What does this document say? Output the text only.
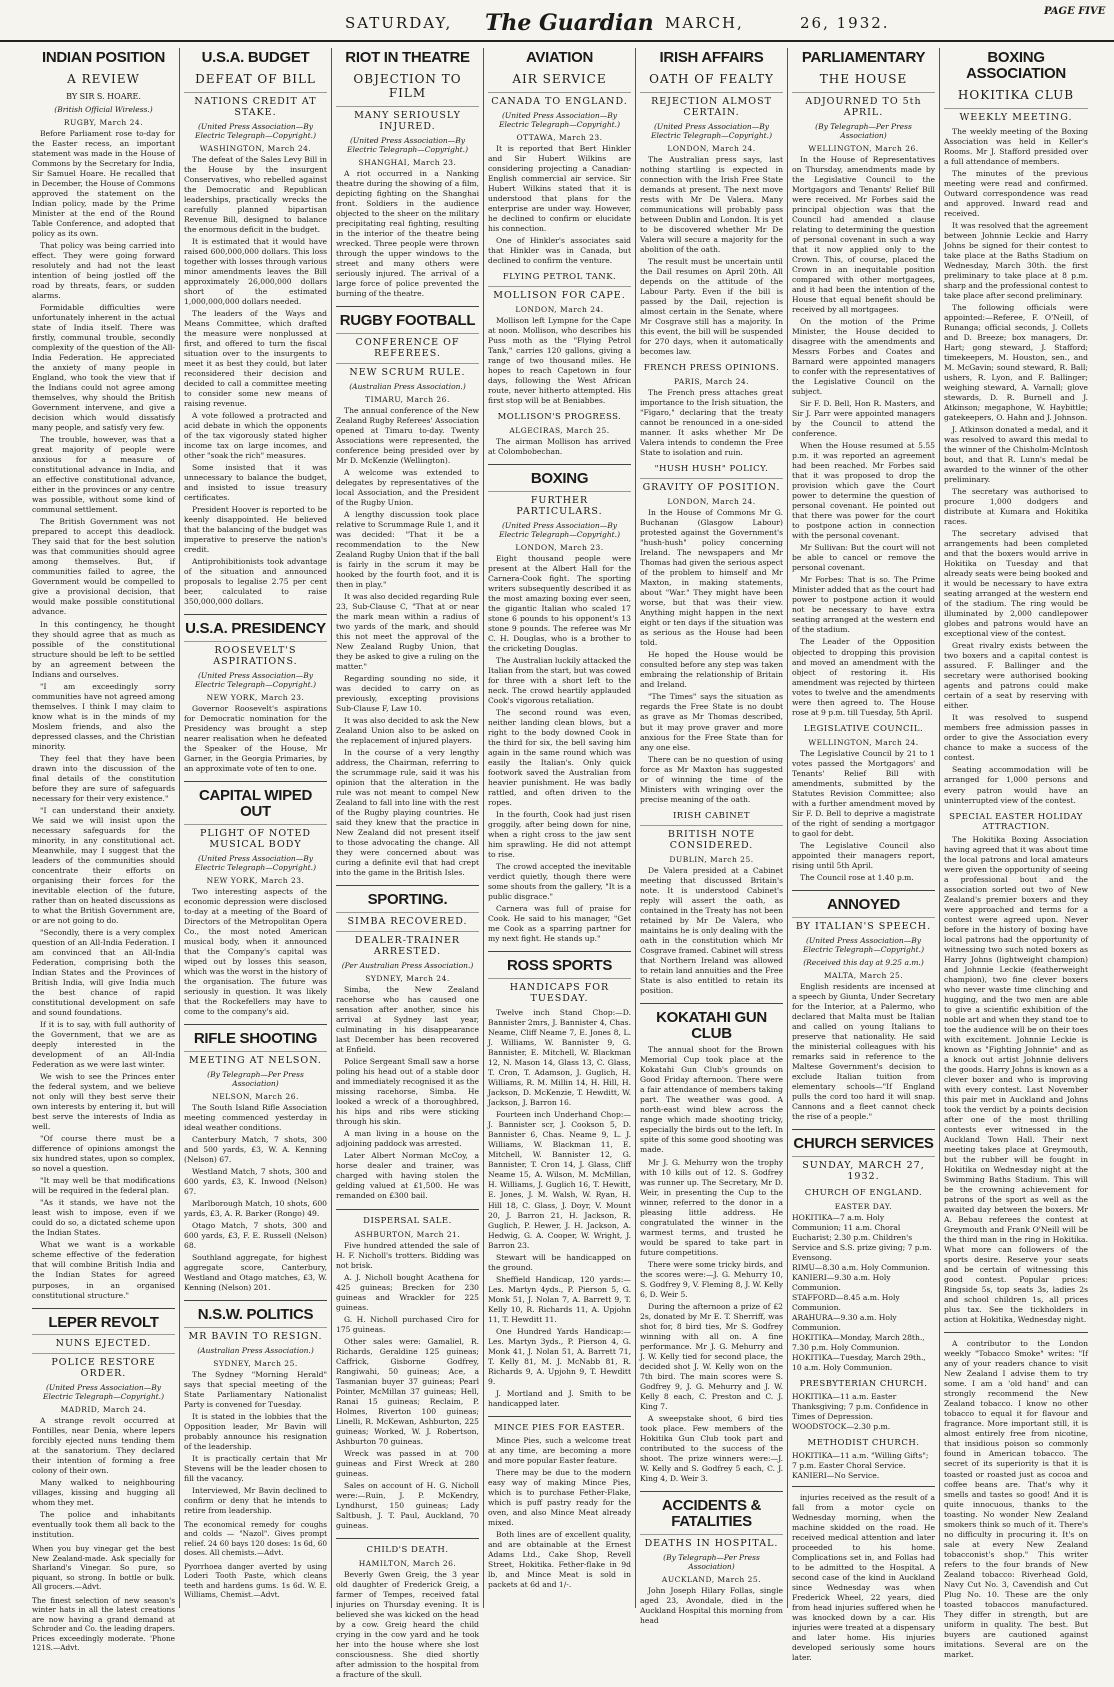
SATURDAY, The Guardian MARCH,	26, 1932.
PAGE FIVE
INDIAN POSITION
A REVIEW
BY SIR S. HOARE.
(British Official Wireless.)
RUGBY, March 24.

Before Parliament rose to-day for the Easter recess, an important statement was made in the House of Commons by the Secretary for India, Sir Samuel Hoare. He recalled that in December, the House of Commons approved the statement on the Indian policy, made by the Prime Minister at the end of the Round Table Conference, and adopted that policy as its own.

That policy was being carried into effect. They were going forward resolutely and had not the least intention of being jostled off the road by threats, fears, or sudden alarms.

Formidable difficulties were unfortunately inherent in the actual state of India itself. There was firstly, communal trouble, secondly complexity of the question of the All-India Federation. He appreciated the anxiety of many people in England, who took the view that if the Indians could not agree among themselves, why should the British Government intervene, and give a decision which would dissatisfy many people, and satisfy very few.

The trouble, however, was that a great majority of people were anxious for a measure of constitutional advance in India, and an effective constitutional advance, either in the provinces or any centre was possible, without some kind of communal settlement.

The British Government was not prepared to accept this deadlock. They said that for the best solution was that communities should agree among themselves. But, if communities failed to agree, the Government would be compelled to give a provisional decision, that would make possible constitutional advance.

In this contingency, he thought they should agree that as much as possible of the constitutional structure should be left to be settled by an agreement between the Indians and ourselves.

"I am exceedingly sorry communities have not agreed among themselves. I think I may claim to know what is in the minds of my Moslem friends, and also the depressed classes, and the Christian minority.

They feel that they have been drawn into the discussion of the final details of the constitution before they are sure of safeguards necessary for their very existence."

"I can understand their anxiety. We said we will insist upon the necessary safeguards for the minority, in any constitutional act. Meanwhile, may I suggest that the leaders of the communities should concentrate their efforts on organising their forces for the inevitable election of the future, rather than on heated discussions as to what the British Government are, or are not going to do.

"Secondly, there is a very complex question of an All-India Federation. I am convinced that an All-India Federation, comprising both the Indian States and the Provinces of British India, will give India much the best chance of rapid constitutional development on safe and sound foundations.

If it is to say, with full authority of the Government, that we are as deeply interested in the development of an All-India Federation as we were last winter.

We wish to see the Princes enter the federal system, and we believe not only will they best serve their own interests by entering it, but will best serve the interests of India as well.

"Of course there must be a difference of opinions amongst the six hundred states, upon so complex, so novel a question.

"It may well be that modifications will be required in the federal plan.

"As it stands, we have not the least wish to impose, even if we could do so, a dictated scheme upon the Indian States.

What we want is a workable scheme effective of the federation that will combine British India and the Indian States for agreed purposes, in an organised constitutional structure."

LEPER REVOLT
NUNS EJECTED.
POLICE RESTORE ORDER.
(United Press Association—By Electric Telegraph—Copyright.)
MADRID, March 24.

A strange revolt occurred at Fontilles, near Denia, where lepers forcibly ejected nuns tending them at the sanatorium. They declared their intention of forming a free colony of their own.

Many walked to neighbouring villages, kissing and hugging all whom they met.

The police and inhabitants eventually took them all back to the institution.

When you buy vinegar get the best New Zealand-made. Ask specially for Sharland's Vinegar. So pure, so piquant, so strong. In bottle or bulk. All grocers.—Advt.
The finest selection of new season's winter hats in all the latest creations are now having a grand demand at Schroder and Co. the leading drapers. Prices exceedingly moderate. 'Phone 121S.—Advt.
U.S.A. BUDGET
DEFEAT OF BILL
NATIONS CREDIT AT STAKE.
(United Press Association—By Electric Telegraph—Copyright.)
WASHINGTON, March 24.

The defeat of the Sales Levy Bill in the House by the insurgent Conservatives, who rebelled against the Democratic and Republican leaderships, practically wrecks the carefully planned bipartisan Revenue Bill, designed to balance the enormous deficit in the budget.

It is estimated that it would have raised 600,000,000 dollars. This loss together with losses through various minor amendments leaves the Bill approximately 26,000,000 dollars short of the estimated 1,000,000,000 dollars needed.

The leaders of the Ways and Means Committee, which drafted the measure were nonplussed at first, and offered to turn the fiscal situation over to the insurgents to meet it as best they could, but later reconsidered their decision and decided to call a committee meeting to consider some new means of raising revenue.

A vote followed a protracted and acid debate in which the opponents of the tax vigorously stated higher income tax on large incomes, and other "soak the rich" measures.

Some insisted that it was unnecessary to balance the budget, and insisted to issue treasury certificates.

President Hoover is reported to be keenly disappointed. He believed that the balancing of the budget was imperative to preserve the nation's credit.

Antiprohibitionists took advantage of the situation and announced proposals to legalise 2.75 per cent beer, calculated to raise 350,000,000 dollars.

U.S.A. PRESIDENCY
ROOSEVELT'S ASPIRATIONS.
(United Press Association—By Electric Telegraph—Copyright.)
NEW YORK, March 23.

Governor Roosevelt's aspirations for Democratic nomination for the Presidency was brought a step nearer realisation when he defeated the Speaker of the House, Mr Garner, in the Georgia Primaries, by an approximate vote of ten to one.

CAPITAL WIPED OUT
PLIGHT OF NOTED MUSICAL BODY
(United Press Association—By Electric Telegraph—Copyright.)
NEW YORK, March 23.

Two interesting aspects of the economic depression were disclosed to-day at a meeting of the Board of Directors of the Metropolitan Opera Co., the most noted American musical body, when it announced that the Company's capital was wiped out by losses this season, which was the worst in the history of the organisation. The future was seriously in question. It was likely that the Rockefellers may have to come to the company's aid.

RIFLE SHOOTING
MEETING AT NELSON.
(By Telegraph—Per Press Association)
NELSON, March 26.

The South Island Rifle Association meeting commenced yesterday in ideal weather conditions.

Canterbury Match, 7 shots, 300 and 500 yards, £3, W. A. Kenning (Nelson) 67.

Westland Match, 7 shots, 300 and 600 yards, £3, K. Inwood (Nelson) 67.

Marlborough Match, 10 shots, 600 yards, £3, A. R. Barker (Rongo) 49.

Otago Match, 7 shots, 300 and 600 yards, £3, F. E. Russell (Nelson) 68.

Southland aggregate, for highest aggregate score, Canterbury, Westland and Otago matches, £3, W. Kenning (Nelson) 201.

N.S.W. POLITICS
MR BAVIN TO RESIGN.
(Australian Press Association.)
SYDNEY, March 25.

The Sydney "Morning Herald" says that special meeting of the State Parliamentary Nationalist Party is convened for Tuesday.

It is stated in the lobbies that the Opposition leader, Mr Bavin will probably announce his resignation of the leadership.

It is practically certain that Mr Stevens will be the leader chosen to fill the vacancy.

Interviewed, Mr Bavin declined to confirm or deny that he intends to retire from leadership.

The economical remedy for coughs and colds — "Nazol". Gives prompt relief. 24 60 bays 120 doses: 1s 6d, 60 doses. All chemists.—Advt.
Pyorrhoea danger averted by using Loderi Tooth Paste, which cleans teeth and hardens gums. 1s 6d. W. E. Williams, Chemist.—Advt.
RIOT IN THEATRE
OBJECTION TO FILM
MANY SERIOUSLY INJURED.
(United Press Association—By Electric Telegraph—Copyright.)
SHANGHAI, March 23.

A riot occurred in a Nanking theatre during the showing of a film, depicting fighting on the Shanghai front. Soldiers in the audience objected to the sheer on the military precipitating real fighting, resulting in the interior of the theatre being wrecked. Three people were thrown through the upper windows to the street and many others were seriously injured. The arrival of a large force of police prevented the burning of the theatre.

RUGBY FOOTBALL
CONFERENCE OF REFEREES.
NEW SCRUM RULE.
(Australian Press Association.)
TIMARU, March 26.

The annual conference of the New Zealand Rugby Referees' Association opened at Timaru to-day. Twenty Associations were represented, the conference being presided over by Mr D. McKenzie (Wellington).

A welcome was extended to delegates by representatives of the local Association, and the President of the Rugby Union.

A lengthy discussion took place relative to Scrummage Rule 1, and it was decided: "That it be a recommendation to the New Zealand Rugby Union that if the ball is fairly in the scrum it may be hooked by the fourth foot, and it is then in play."

It was also decided regarding Rule 23, Sub-Clause C, "That at or near the mark mean within a radius of two yards of the mark, and should this not meet the approval of the New Zealand Rugby Union, that they be asked to give a ruling on the matter."

Regarding sounding no side, it was decided to carry on as previously, excepting provisions Sub-Clause F, Law 10.

It was also decided to ask the New Zealand Union also to be asked on the replacement of injured players.

In the course of a very lengthy address, the Chairman, referring to the scrummage rule, said it was his opinion that the alteration in the rule was not meant to compel New Zealand to fall into line with the rest of the Rugby playing countries. He said they knew that the practice in New Zealand did not present itself to those advocating the change. All they were concerned about was curing a definite evil that had crept into the game in the British Isles.

SPORTING.
SIMBA RECOVERED.
DEALER-TRAINER ARRESTED.
(Per Australian Press Association.)
SYDNEY, March 24.

Simba, the New Zealand racehorse who has caused one sensation after another, since his arrival at Sydney last year, culminating in his disappearance last December has been recovered at Enfield.

Police Sergeant Small saw a horse poling his head out of a stable door and immediately recognised it as the missing racehorse, Simba. He looked a wreck of a thoroughbred, his hips and ribs were sticking through his skin.

A man living in a house on the adjoining paddock was arrested.

Later Albert Norman McCoy, a horse dealer and trainer, was charged with having stolen the gelding valued at £1,500. He was remanded on £300 bail.

DISPERSAL SALE.
ASHBURTON, March 21.

Five hundred attended the sale of H. F. Nicholl's trotters. Bidding was not brisk.

A. J. Nicholl bought Acathena for 425 guineas; Brecken for 230 guineas and Wrackler for 225 guineas.

G. H. Nicholl purchased Ciro for 175 guineas.

Other sales were: Gamaliel, R. Richards, Geraldine 125 guineas; Caffrick, Gisborne Godfrey, Rangiwahi, 50 guineas; Ace, a Tasmanian buyer 37 guineas; Pearl Pointer, McMillan 37 guineas; Hell, Ranai 15 guineas; Reclaim, P. Holmes, Riverton 100 guineas; Linelli, R. McKewan, Ashburton, 225 guineas; Worked, W. J. Robertson, Ashburton 70 guineas.

Wreck was passed in at 700 guineas and First Wreck at 280 guineas.

Sales on account of H. G. Nicholl were:—Ruin, J. P. McKendry, Lyndhurst, 150 guineas; Lady Saltbush, J. T. Paul, Auckland, 70 guineas.

CHILD'S DEATH.
HAMILTON, March 26.

Beverly Gwen Greig, the 3 year old daughter of Frederick Greig, a farmer of Tempes, received fatal injuries on Thursday evening. It is believed she was kicked on the head by a cow. Greig heard the child crying in the cow yard and he took her into the house where she lost consciousness. She died shortly after admission to the hospital from a fracture of the skull.

AVIATION
AIR SERVICE
CANADA TO ENGLAND.
(United Press Association—By Electric Telegraph—Copyright.)
OTTAWA, March 23.

It is reported that Bert Hinkler and Sir Hubert Wilkins are considering projecting a Canadian-English commercial air service. Sir Hubert Wilkins stated that it is understood that plans for the enterprise are under way. However, he declined to confirm or elucidate his connection.

One of Hinkler's associates said that Hinkler was in Canada, but declined to confirm the venture.

FLYING PETROL TANK.
MOLLISON FOR CAPE.
LONDON, March 24.

Mollison left Lympne for the Cape at noon. Mollison, who describes his Puss moth as the "Flying Petrol Tank," carries 120 gallons, giving a range of two thousand miles. He hopes to reach Capetown in four days, following the West African route, never hitherto attempted. His first stop will be at Beniabbes.

MOLLISON'S PROGRESS.
ALGECIRAS, March 25.

The airman Mollison has arrived at Colombobechan.

BOXING
FURTHER PARTICULARS.
(United Press Association—By Electric Telegraph—Copyright.)
LONDON, March 23.

Eight thousand people were present at the Albert Hall for the Carnera-Cook fight. The sporting writers subsequently described it as the most amazing boxing ever seen, the gigantic Italian who scaled 17 stone 6 pounds to his opponent's 13 stone 9 pounds. The referee was Mr C. H. Douglas, who is a brother to the cricketing Douglas.

The Australian luckily attacked the Italian from the start, but was cowed for three with a short left to the neck. The crowd heartily applauded Cook's vigorous retaliation.

The second round was even, neither landing clean blows, but a right to the body downed Cook in the third for six, the bell saving him again in the same round which was easily the Italian's. Only quick footwork saved the Australian from heavier punishment. He was badly rattled, and often driven to the ropes.

In the fourth, Cook had just risen groggily, after being down for nine, when a right cross to the jaw sent him sprawling. He did not attempt to rise.

The crowd accepted the inevitable verdict quietly, though there were some shouts from the gallery, "It is a public disgrace."

Carnera was full of praise for Cook. He said to his manager, "Get me Cook as a sparring partner for my next fight. He stands up."

ROSS SPORTS
HANDICAPS FOR TUESDAY.

Twelve inch Stand Chop:—D. Bannister 2mrs, J. Bannister 4, Chas. Neame, Cliff Neame 7, E. Jones 8, L. J. Williams, W. Bannister 9, G. Bannister, E. Mitchell, W. Blackman 12, N. Mason 14, Glass 13, C. Glass, T. Cron, T. Adamson, J. Guglich, H. Williams, R. M. Millin 14, H. Hill, H. Jackson, D. McKenzie, T. Hewditt, W. Jackson, J. Barron 16.

Fourteen inch Underhand Chop:—J. Bannister scr, J. Cookson 5, D. Bannister 6, Chas. Neame 9, L. J. Williams, W. Blackman 11, E. Mitchell, W. Bannister 12, G. Bannister, T. Cron 14, J. Glass, Cliff Neame 15, A. Wilson, M. McMillan, H. Williams, J. Guglich 16, T. Hewitt, E. Jones, J. M. Walsh, W. Ryan, H. Hill 18, C. Glass, J. Doyr, V. Mount 20, J. Barron 21, H. Jackson, R. Guglich, P. Hewer, J. H. Jackson, A. Hedwig, G. A. Cooper, W. Wright, J. Barron 23.

Stewart will be handicapped on the ground.

Sheffield Handicap, 120 yards:—Les. Martyn 4yds., P. Pierson 5, G. Monk 51, J. Nolan 7, A. Barrett 9, T. Kelly 10, R. Richards 11, A. Upjohn 11, T. Hewditt 11.

One Hundred Yards Handicap:—Les. Martyn 3yds., P. Pierson 4, G. Monk 41, J. Nolan 51, A. Barrett 71, T. Kelly 81, M. J. McNabb 81, R. Richards 9, A. Upjohn 9, T. Hewditt 9.

J. Mortland and J. Smith to be handicapped later.

MINCE PIES FOR EASTER.

Mince Pies, such a welcome treat at any time, are becoming a more and more popular Easter feature.

There may be due to the modern easy way of making Mince Pies, which is to purchase Fether-Flake, which is puff pastry ready for the oven, and also Mince Meat already mixed.

Both lines are of excellent quality, and are obtainable at the Ernest Adams Ltd., Cake Shop, Revell Street, Hokitika. Fether-flake in 9d lb, and Mince Meat is sold in packets at 6d and 1/-.

IRISH AFFAIRS
OATH OF FEALTY
REJECTION ALMOST CERTAIN.
(United Press Association—By Electric Telegraph—Copyright.)
LONDON, March 24.

The Australian press says, last nothing startling is expected in connection with the Irish Free State demands at present. The next move rests with Mr De Valera. Many communications will probably pass between Dublin and London. It is yet to be discovered whether Mr De Valera will secure a majority for the abolition of the oath.

The result must be uncertain until the Dail resumes on April 20th. All depends on the attitude of the Labour Party. Even if the bill is passed by the Dail, rejection is almost certain in the Senate, where Mr Cosgrave still has a majority. In this event, the bill will be suspended for 270 days, when it automatically becomes law.

FRENCH PRESS OPINIONS.
PARIS, March 24.

The French press attaches great importance to the Irish situation, the "Figaro," declaring that the treaty cannot be renounced in a one-sided manner. It asks whether Mr De Valera intends to condemn the Free State to isolation and ruin.

"HUSH HUSH" POLICY.
GRAVITY OF POSITION.
LONDON, March 24.

In the House of Commons Mr G. Buchanan (Glasgow Labour) protested against the Government's "hush-hush" policy concerning Ireland. The newspapers and Mr Thomas had given the serious aspect of the problem to himself and Mr Maxton, in making statements, about "War." They might have been worse, but that was their view. Anything might happen in the next eight or ten days if the situation was as serious as the House had been told.

He hoped the House would be consulted before any step was taken embraing the relationship of Britain and Ireland.

"The Times" says the situation as regards the Free State is no doubt as grave as Mr Thomas described, but it may prove graver and more anxious for the Free State than for any one else.

There can be no question of using force as Mr Maxton has suggested or of winning the time of the Ministers with wringing over the precise meaning of the oath.

IRISH CABINET
BRITISH NOTE CONSIDERED.
DUBLIN, March 25.

De Valera presided at a Cabinet meeting that discussed Britain's note. It is understood Cabinet's reply will assert the oath, as contained in the Treaty has not been retained by Mr De Valera, who maintains he is only dealing with the oath in the constitution which Mr Cosgrave framed. Cabinet will stress that Northern Ireland was allowed to retain land annuities and the Free State is also entitled to retain its position.

KOKATAHI GUN CLUB

The annual shoot for the Brown Memorial Cup took place at the Kokatahi Gun Club's grounds on Good Friday afternoon. There were a fair attendance of members taking part. The weather was good. A north-east wind blew across the range which made shooting tricky, especially the birds out to the left. In spite of this some good shooting was made.

Mr J. G. Mehurry won the trophy with 10 kills out of 12. S. Godfrey was runner up. The Secretary, Mr D. Weir, in presenting the Cup to the winner, referred to the donor in a pleasing little address. He congratulated the winner in the warmest terms, and trusted he would be spared to take part in future competitions.

There were some tricky birds, and the scores were:—J. G. Mehurry 10, S. Godfrey 9, V. Fleming 8, J. W. Kelly 6, D. Weir 5.

During the afternoon a prize of £2 2s, donated by Mr E. T. Sherriff, was shot for, 8 bird ties, Mr S. Godfrey winning with all on. A fine performance. Mr J. G. Mehurry and J. W. Kelly tied for second place, the decided shot J. W. Kelly won on the 7th bird. The main scores were S. Godfrey 9, J. G. Mehurry and J. W. Kelly 8 each, C. Preston and C. J. King 7.

A sweepstake shoot, 6 bird ties took place. Few members of the Hokitika Gun Club took part and contributed to the success of the shoot. The prize winners were:—J. W. Kelly and S. Godfrey 5 each, C. J. King 4, D. Weir 3.

ACCIDENTS & FATALITIES
DEATHS IN HOSPITAL.
(By Telegraph—Per Press Association)
AUCKLAND, March 25.

John Joseph Hilary Follas, single aged 23, Avondale, died in the Auckland Hospital this morning from head

PARLIAMENTARY
THE HOUSE
ADJOURNED TO 5th APRIL.
(By Telegraph—Per Press Association)
WELLINGTON, March 26.

In the House of Representatives on Thursday, amendments made by the Legislative Council to the Mortgagors and Tenants' Relief Bill were received. Mr Forbes said the principal objection was that the Council had amended a clause relating to determining the question of personal covenant in such a way that it now applied only to the Crown. This, of course, placed the Crown in an inequitable position compared with other mortgagees, and it had been the intention of the House that equal benefit should be received by all mortgagees.

On the motion of the Prime Minister, the House decided to disagree with the amendments and Messrs Forbes and Coates and Barnard were appointed managers to confer with the representatives of the Legislative Council on the subject.

Sir F. D. Bell, Hon R. Masters, and Sir J. Parr were appointed managers by the Council to attend the conference.

When the House resumed at 5.55 p.m. it was reported an agreement had been reached. Mr Forbes said that it was proposed to drop the provision which gave the Court power to determine the question of personal covenant. He pointed out that there was power for the court to postpone action in connection with the personal covenant.

Mr Sullivan: But the court will not be able to cancel or remove the personal covenant.

Mr Forbes: That is so. The Prime Minister added that as the court had power to postpone action it would not be necessary to have extra seating arranged at the western end of the stadium.

The Leader of the Opposition objected to dropping this provision and moved an amendment with the object of restoring it. His amendment was rejected by thirteen votes to twelve and the amendments were then agreed to. The House rose at 9 p.m. till Tuesday, 5th April.

LEGISLATIVE COUNCIL.
WELLINGTON, March 24.

The Legislative Council by 21 to 1 votes passed the Mortgagors' and Tenants' Relief Bill with amendments, submitted by the Statutes Revision Committee; also with a further amendment moved by Sir F. D. Bell to deprive a magistrate of the right of sending a mortgagor to gaol for debt.

The Legislative Council also appointed their managers report, rising until 5th April.

The Council rose at 1.40 p.m.

ANNOYED
BY ITALIAN'S SPEECH.
(United Press Association—By Electric Telegraph—Copyright.)
(Received this day at 9.25 a.m.)
MALTA, March 25.

English residents are incensed at a speech by Giunta, Under Secretary for the Interior, at a Palermo, who declared that Malta must be Italian and called on young Italians to preserve that nationality. He said the ministerial colleagues with his remarks said in reference to the Maltese Government's decision to exclude Italian tuition from elementary schools—"If England pulls the cord too hard it will snap. Cannons and a fleet cannot check the rise of a people."

CHURCH SERVICES
SUNDAY, MARCH 27, 1932.
CHURCH OF ENGLAND.
EASTER DAY.

HOKITIKA—7 a.m. Holy Communion; 11 a.m. Choral Eucharist; 2.30 p.m. Children's Service and S.S. prize giving; 7 p.m. Evensong.

RIMU—8.30 a.m. Holy Communion.

KANIERI—9.30 a.m. Holy Communion.

STAFFORD—8.45 a.m. Holy Communion.

ARAHURA—9.30 a.m. Holy Communion.

HOKITIKA—Monday, March 28th., 7.30 p.m. Holy Communion.

HOKITIKA—Tuesday, March 29th., 10 a.m. Holy Communion.

PRESBYTERIAN CHURCH.

HOKITIKA—11 a.m. Easter Thanksgiving; 7 p.m. Confidence in Times of Depression.

WOODSTOCK—2.30 p.m.

METHODIST CHURCH.

HOKITIKA—11 a.m. "Willing Gifts"; 7 p.m. Easter Choral Service.

KANIERI—No Service.

injuries received as the result of a fall from a motor cycle on Wednesday morning, when the machine skidded on the road. He received medical attention and later proceeded to his home. Complications set in, and Follas had to be admitted to the Hospital. A second case of the kind in Auckland since Wednesday was when Frederick Wheel, 22 years, died from head injuries suffered when he was knocked down by a car. His injuries were treated at a dispensary and later home. His injuries developed seriously some hours later.

BOXING ASSOCIATION
HOKITIKA CLUB
WEEKLY MEETING.

The weekly meeting of the Boxing Association was held in Keller's Rooms. Mr J. Stafford presided over a full attendance of members.

The minutes of the previous meeting were read and confirmed. Outward correspondence was read and approved. Inward read and received.

It was resolved that the agreement between Johnnie Leckie and Harry Johns be signed for their contest to take place at the Baths Stadium on Wednesday, March 30th. the first preliminary to take place at 8 p.m. sharp and the professional contest to take place after second preliminary.

The following officials were appointed:—Referee, F. O'Neill, of Runanga; official seconds, J. Collets and D. Breeze; box managers, Dr. Hart; gong steward, J. Stafford; timekeepers, M. Houston, sen., and M. McGavin; sound steward, R. Ball; ushers, R. Lyon, and F. Ballinger; weighing steward, A. Varnall; glove stewards, D. R. Burnell and J. Atkinson; megaphone, W. Haybittle; gatekeepers, O. Hahn and J. Johnson.

J. Atkinson donated a medal, and it was resolved to award this medal to the winner of the Chisholm-McIntosh bout, and that R. Lunn's medal be awarded to the winner of the other preliminary.

The secretary was authorised to procure 1,000 dodgers and distribute at Kumara and Hokitika races.

The secretary advised that arrangements had been completed and that the boxers would arrive in Hokitika on Tuesday and that already seats were being booked and it would be necessary to have extra seating arranged at the western end of the stadium. The ring would be illuminated by 2,000 candlepower globes and patrons would have an exceptional view of the contest.

Great rivalry exists between the two boxers and a capital contest is assured. F. Ballinger and the secretary were authorised booking agents and patrons could make certain of a seat by reserving with either.

It was resolved to suspend members free admission passes in order to give the Association every chance to make a success of the contest.

Seating accommodation will be arranged for 1,000 persons and every patron would have an uninterrupted view of the contest.

SPECIAL EASTER HOLIDAY ATTRACTION.

The Hokitika Boxing Association having agreed that it was about time the local patrons and local amateurs were given the opportunity of seeing a professional bout and the association sorted out two of New Zealand's premier boxers and they were approached and terms for a contest were agreed upon. Never before in the history of boxing have local patrons had the opportunity of witnessing two such noted boxers as Harry Johns (lightweight champion) and Johnnie Leckie (featherweight champion), two fine clever boxers who never waste time clinching and hugging, and the two men are able to give a scientific exhibition of the noble art and when they stand toe to toe the audience will be on their toes with excitement. Johnnie Leckie is known as "Fighting Johnnie" and as a knock out artist Johnnie delivers the goods. Harry Johns is known as a clever boxer and who is improving with every contest. Last November this pair met in Auckland and Johns took the verdict by a points decision after one of the most thrilling contests ever witnessed in the Auckland Town Hall. Their next meeting takes place at Greymouth, but the rubber will be fought in Hokitika on Wednesday night at the Swimming Baths Stadium. This will be the crowning achievement for patrons of the sport as well as the awaited day between the boxers. Mr A. Bebau referees the contest at Greymouth and Frank O'Neill will be the third man in the ring in Hokitika. What more can followers of the sports desire. Reserve your seats and be certain of witnessing this good contest. Popular prices: Ringside 5s, top seats 3s, ladies 2s and school children 1s, all prices plus tax. See the tickholders in action at Hokitika, Wednesday night.

A contributor to the London weekly "Tobacco Smoke" writes: "If any of your readers chance to visit New Zealand I advise them to try some. I am a 'old hand' and can strongly recommend the New Zealand tobacco. I know no other tobacco to equal it for flavour and fragrance. More important still, it is almost entirely free from nicotine, that insidious poison so commonly found in American tobacco. The secret of its superiority is that it is toasted or roasted just as cocoa and coffee beans are. That's why it smells and tastes so good! And it is quite innocuous, thanks to the toasting. No wonder New Zealand smokers think so much of it. There's no difficulty in procuring it. It's on sale at every New Zealand tobacconist's shop." This writer refers to the four brands of New Zealand tobacco: Riverhead Gold, Navy Cut No. 3, Cavendish and Cut Plug No. 10. These are the only toasted tobaccos manufactured. They differ in strength, but are uniform in quality. The best. But buyers are cautioned against imitations. Several are on the market.
